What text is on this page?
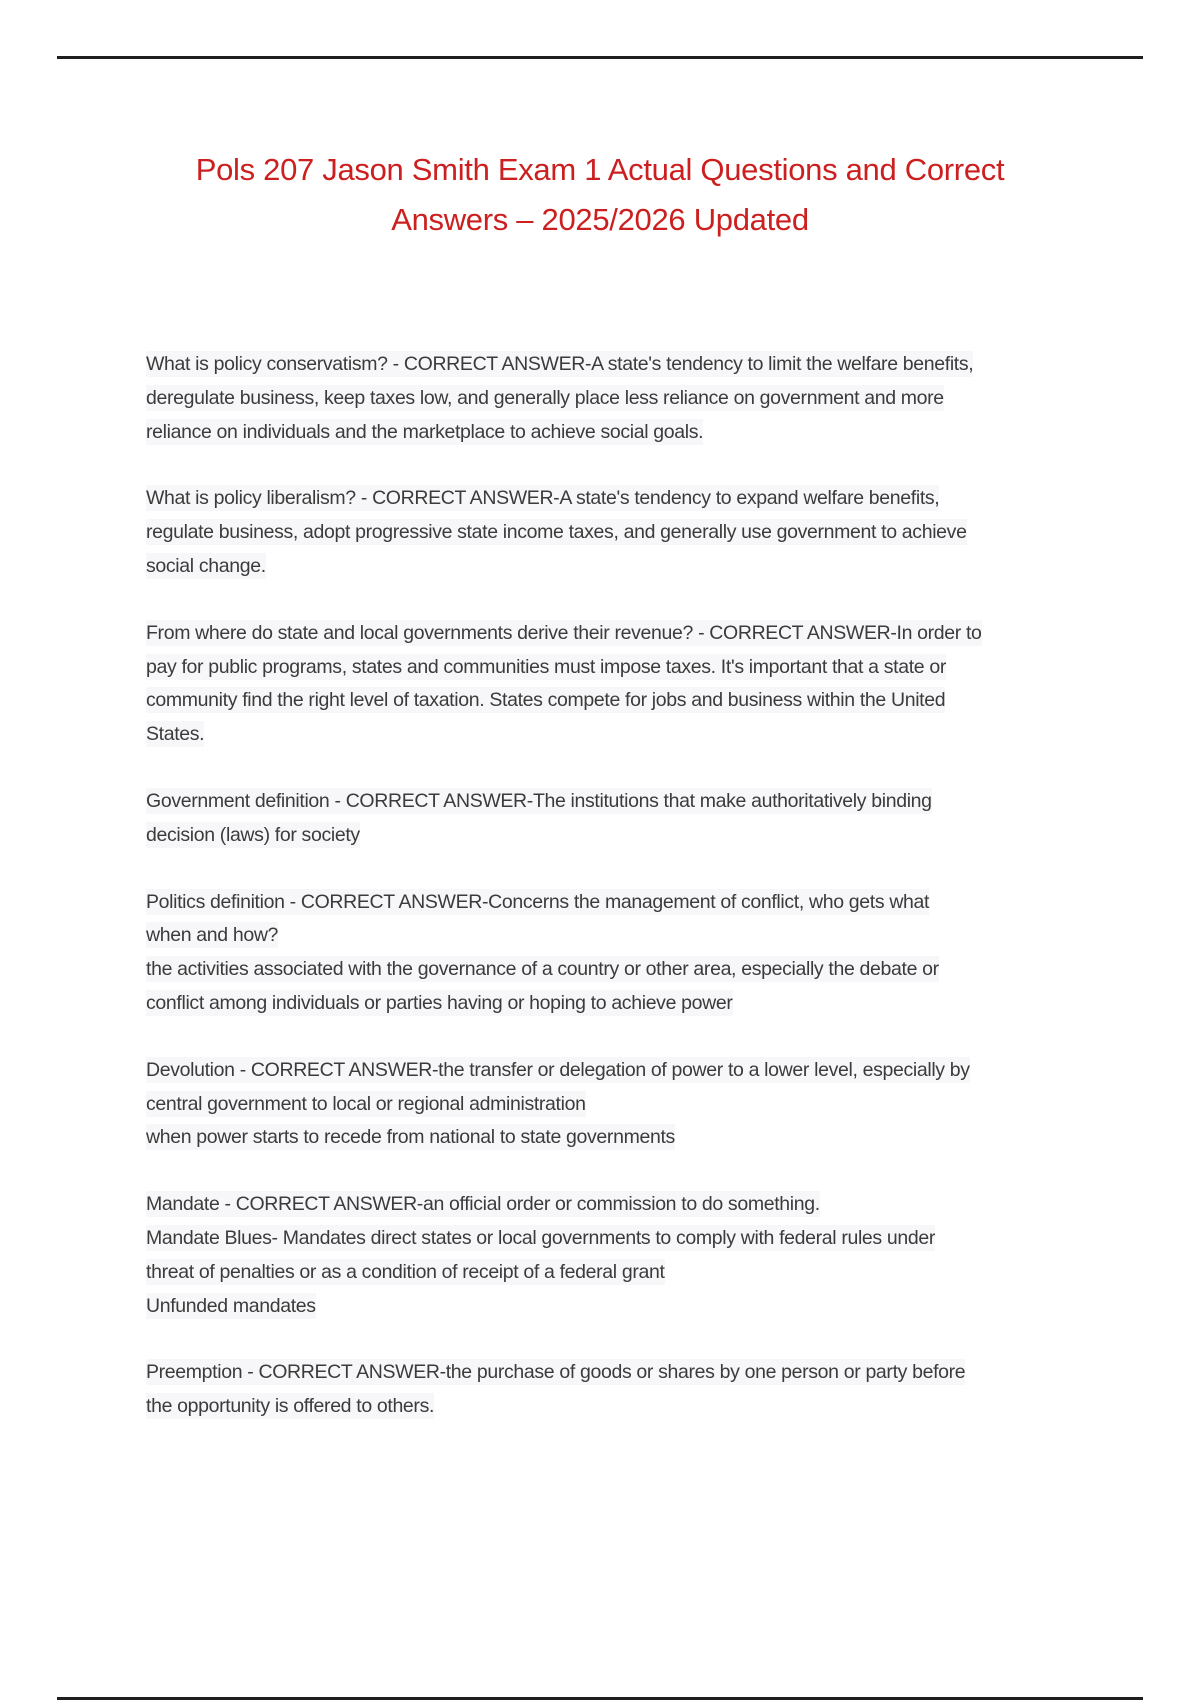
Pols 207 Jason Smith Exam 1 Actual Questions and Correct
Answers – 2025/2026 Updated
What is policy conservatism? - CORRECT ANSWER-A state's tendency to limit the welfare benefits,
deregulate business, keep taxes low, and generally place less reliance on government and more
reliance on individuals and the marketplace to achieve social goals.
What is policy liberalism? - CORRECT ANSWER-A state's tendency to expand welfare benefits,
regulate business, adopt progressive state income taxes, and generally use government to achieve
social change.
From where do state and local governments derive their revenue? - CORRECT ANSWER-In order to
pay for public programs, states and communities must impose taxes. It's important that a state or
community find the right level of taxation. States compete for jobs and business within the United
States.
Government definition - CORRECT ANSWER-The institutions that make authoritatively binding
decision (laws) for society
Politics definition - CORRECT ANSWER-Concerns the management of conflict, who gets what
when and how?
the activities associated with the governance of a country or other area, especially the debate or
conflict among individuals or parties having or hoping to achieve power
Devolution - CORRECT ANSWER-the transfer or delegation of power to a lower level, especially by
central government to local or regional administration
when power starts to recede from national to state governments
Mandate - CORRECT ANSWER-an official order or commission to do something.
Mandate Blues- Mandates direct states or local governments to comply with federal rules under
threat of penalties or as a condition of receipt of a federal grant
Unfunded mandates
Preemption - CORRECT ANSWER-the purchase of goods or shares by one person or party before
the opportunity is offered to others.
